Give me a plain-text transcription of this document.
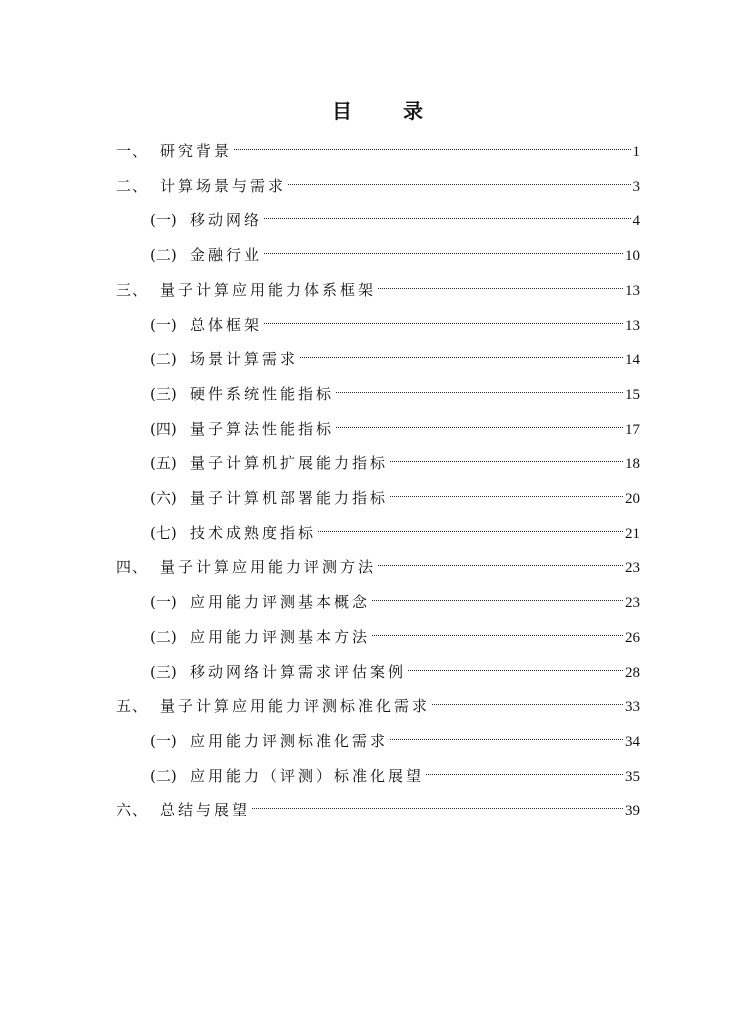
目 录
一、 研究背景	1
二、 计算场景与需求	3
(一) 移动网络	4
(二) 金融行业	10
三、 量子计算应用能力体系框架	13
(一) 总体框架	13
(二) 场景计算需求	14
(三) 硬件系统性能指标	15
(四) 量子算法性能指标	17
(五) 量子计算机扩展能力指标	18
(六) 量子计算机部署能力指标	20
(七) 技术成熟度指标	21
四、 量子计算应用能力评测方法	23
(一) 应用能力评测基本概念	23
(二) 应用能力评测基本方法	26
(三) 移动网络计算需求评估案例	28
五、 量子计算应用能力评测标准化需求	33
(一) 应用能力评测标准化需求	34
(二) 应用能力（评测）标准化展望	35
六、 总结与展望	39
